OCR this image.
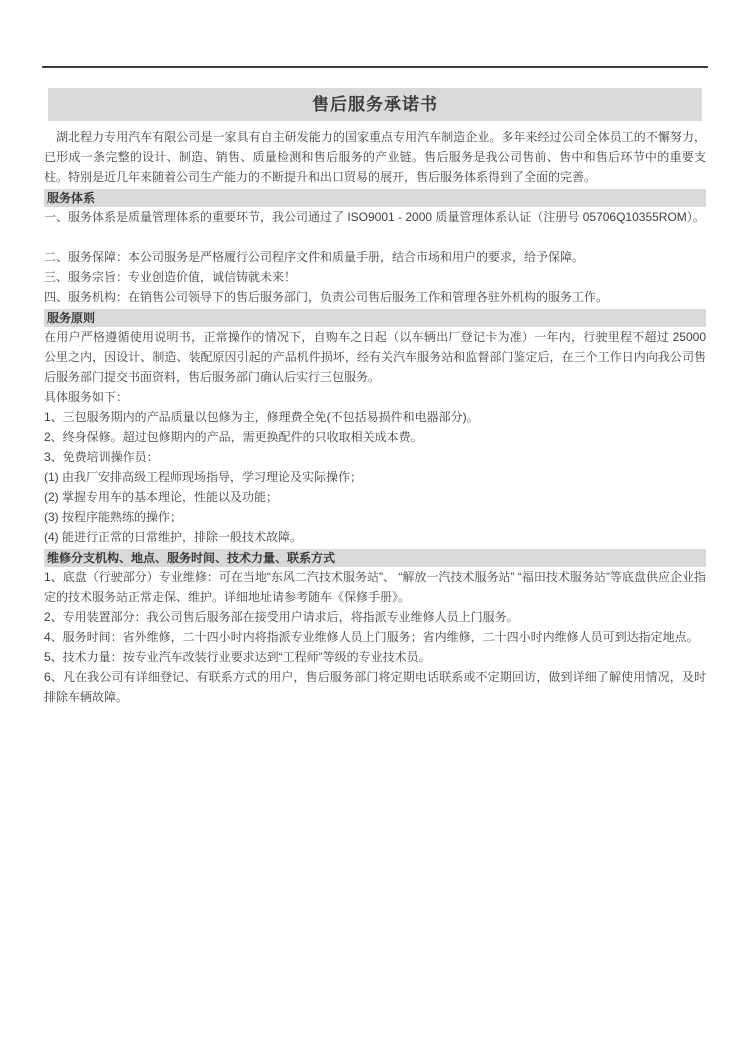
售后服务承诺书

湖北程力专用汽车有限公司是一家具有自主研发能力的国家重点专用汽车制造企业。多年来经过公司全体员工的不懈努力，已形成一条完整的设计、制造、销售、质量检测和售后服务的产业链。售后服务是我公司售前、售中和售后环节中的重要支柱。特别是近几年来随着公司生产能力的不断提升和出口贸易的展开，售后服务体系得到了全面的完善。

服务体系

一、服务体系是质量管理体系的重要环节，我公司通过了 ISO9001 - 2000 质量管理体系认证（注册号 05706Q10355ROM）。

二、服务保障：本公司服务是严格履行公司程序文件和质量手册，结合市场和用户的要求，给予保障。

三、服务宗旨：专业创造价值，诚信铸就未来！

四、服务机构：在销售公司领导下的售后服务部门，负责公司售后服务工作和管理各驻外机构的服务工作。

服务原则

在用户严格遵循使用说明书，正常操作的情况下，自购车之日起（以车辆出厂登记卡为准）一年内，行驶里程不超过 25000 公里之内，因设计、制造、装配原因引起的产品机件损坏，经有关汽车服务站和监督部门鉴定后，在三个工作日内向我公司售后服务部门提交书面资料，售后服务部门确认后实行三包服务。

具体服务如下：

1、三包服务期内的产品质量以包修为主，修理费全免(不包括易损件和电器部分)。

2、终身保修。超过包修期内的产品，需更换配件的只收取相关成本费。

3、免费培训操作员：

(1) 由我厂安排高级工程师现场指导，学习理论及实际操作；

(2) 掌握专用车的基本理论，性能以及功能；

(3) 按程序能熟练的操作；

(4) 能进行正常的日常维护，排除一般技术故障。

维修分支机构、地点、服务时间、技术力量、联系方式

1、底盘（行驶部分）专业维修：可在当地“东风二汽技术服务站”、 “解放一汽技术服务站” “福田技术服务站”等底盘供应企业指定的技术服务站正常走保、维护。详细地址请参考随车《保修手册》。

2、专用装置部分：我公司售后服务部在接受用户请求后，将指派专业维修人员上门服务。

4、服务时间：省外维修，二十四小时内将指派专业维修人员上门服务；省内维修，二十四小时内维修人员可到达指定地点。

5、技术力量：按专业汽车改装行业要求达到“工程师”等级的专业技术员。

6、凡在我公司有详细登记、有联系方式的用户，售后服务部门将定期电话联系或不定期回访，做到详细了解使用情况，及时排除车辆故障。
